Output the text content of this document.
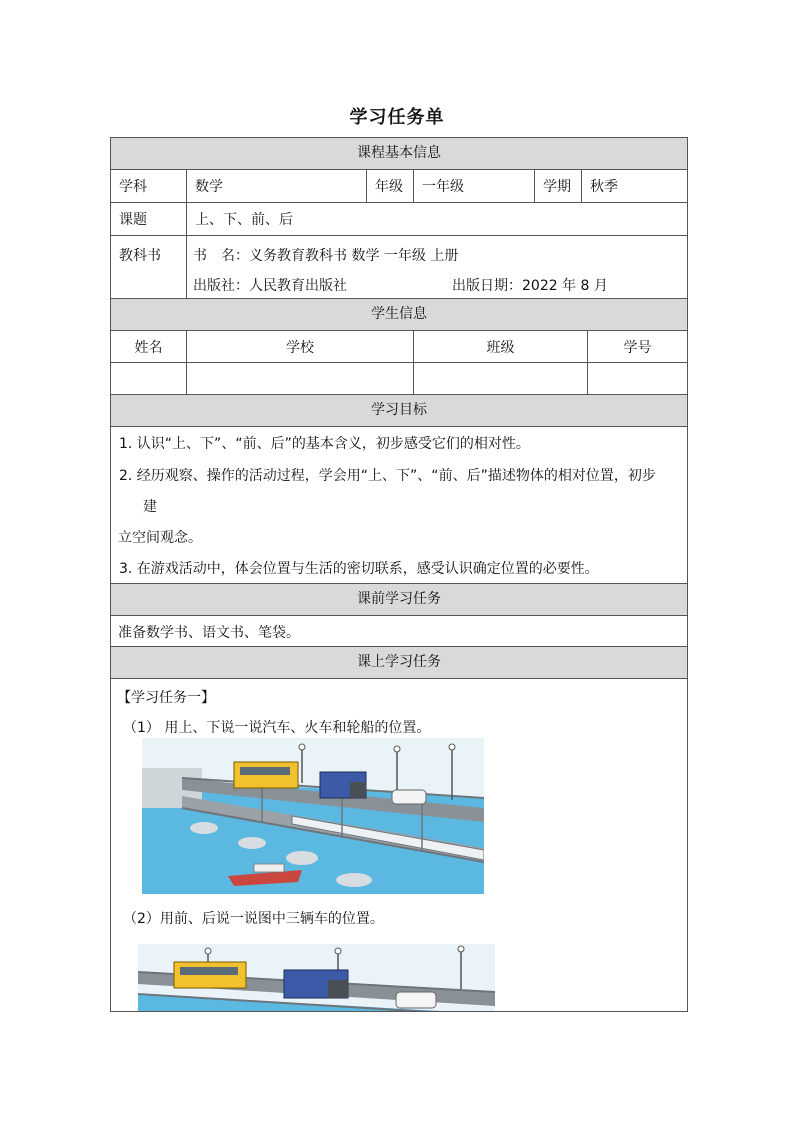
学习任务单
课程基本信息
学科	数学	年级	一年级	学期	秋季
课题	上、下、前、后
教科书	书　名：义务教育教科书 数学 一年级 上册
出版社：人民教育出版社	出版日期：2022 年 8 月
学生信息
姓名	学校	班级	学号
学习目标
1. 认识“上、下”、“前、后”的基本含义，初步感受它们的相对性。
2. 经历观察、操作的活动过程，学会用“上、下”、“前、后”描述物体的相对位置，初步
建
立空间观念。
3. 在游戏活动中，体会位置与生活的密切联系，感受认识确定位置的必要性。
课前学习任务
准备数学书、语文书、笔袋。
课上学习任务
【学习任务一】
（1） 用上、下说一说汽车、火车和轮船的位置。
（2）用前、后说一说图中三辆车的位置。
